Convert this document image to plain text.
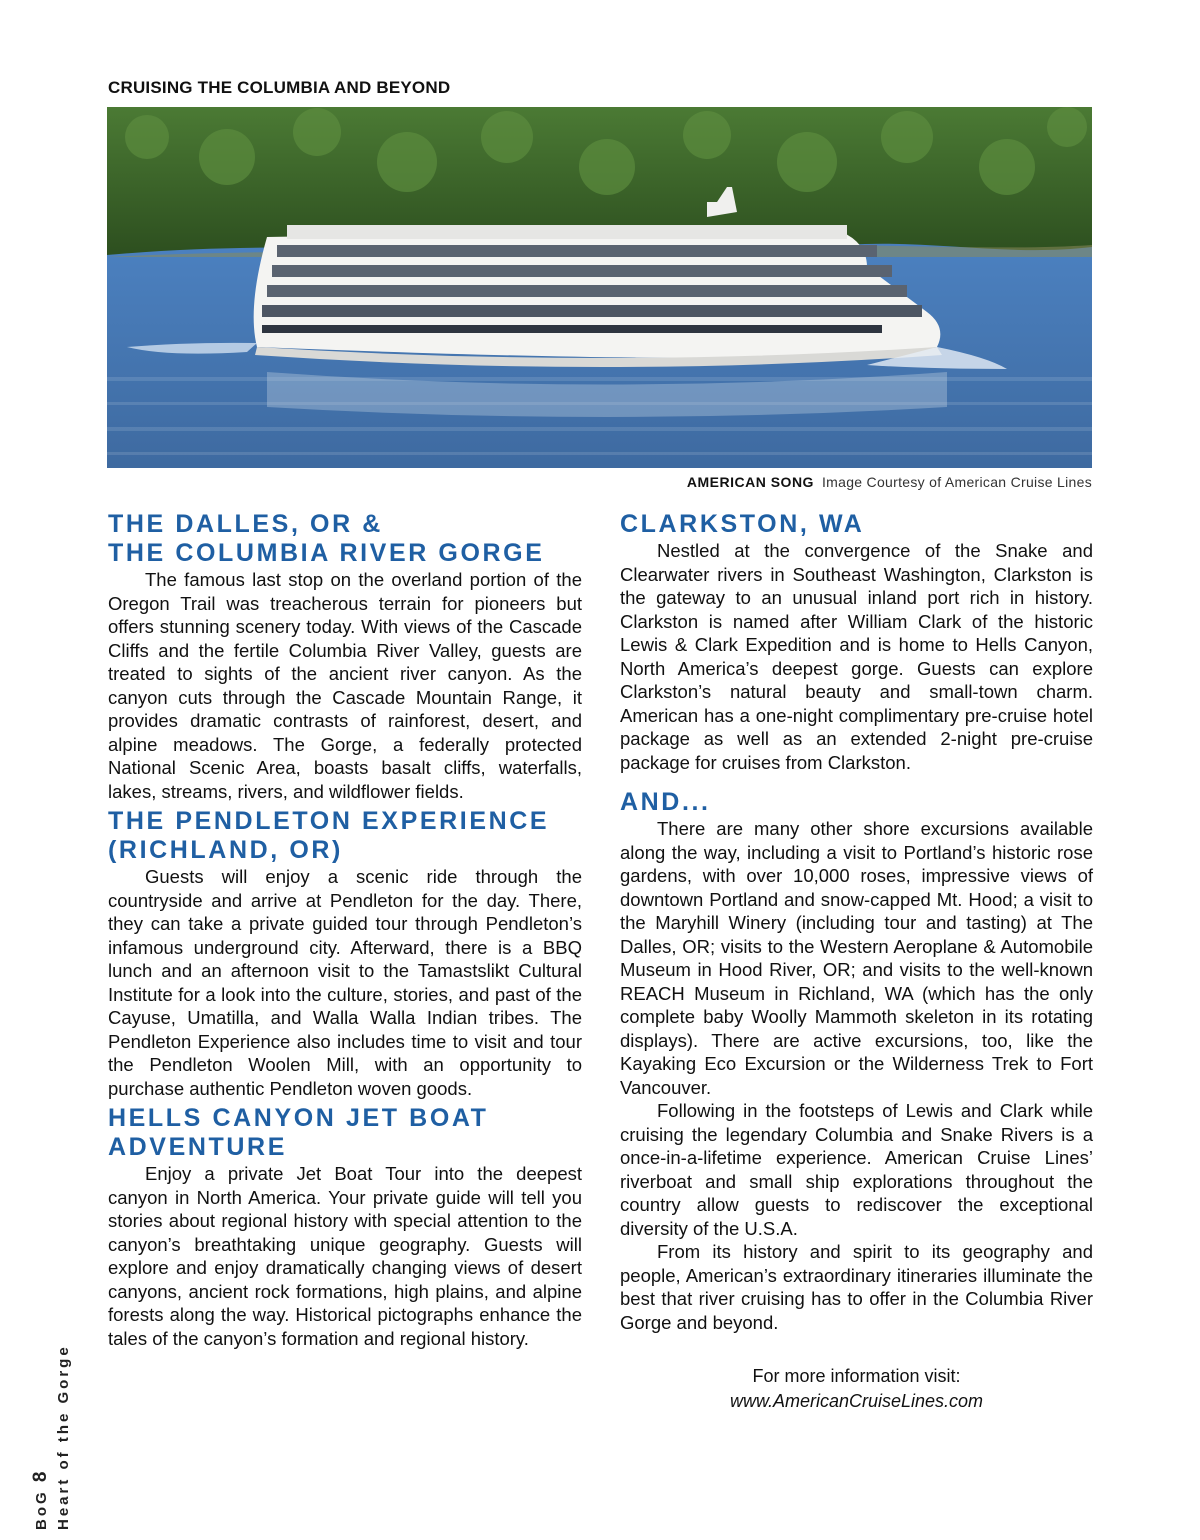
CRUISING THE COLUMBIA AND BEYOND
AMERICAN SONG Image Courtesy of American Cruise Lines
THE DALLES, OR &
THE COLUMBIA RIVER GORGE

The famous last stop on the overland portion of the Oregon Trail was treacherous terrain for pioneers but offers stunning scenery today. With views of the Cascade Cliffs and the fertile Columbia River Valley, guests are treated to sights of the ancient river canyon. As the canyon cuts through the Cascade Mountain Range, it provides dramatic contrasts of rainforest, desert, and alpine meadows. The Gorge, a federally protected National Scenic Area, boasts basalt cliffs, waterfalls, lakes, streams, rivers, and wildflower fields.

THE PENDLETON EXPERIENCE
(RICHLAND, OR)

Guests will enjoy a scenic ride through the countryside and arrive at Pendleton for the day. There, they can take a private guided tour through Pendleton’s infamous underground city. Afterward, there is a BBQ lunch and an afternoon visit to the Tamastslikt Cultural Institute for a look into the culture, stories, and past of the Cayuse, Umatilla, and Walla Walla Indian tribes. The Pendleton Experience also includes time to visit and tour the Pendleton Woolen Mill, with an opportunity to purchase authentic Pendleton woven goods.

HELLS CANYON JET BOAT
ADVENTURE

Enjoy a private Jet Boat Tour into the deepest canyon in North America. Your private guide will tell you stories about regional history with special attention to the canyon’s breathtaking unique geography. Guests will explore and enjoy dramatically changing views of desert canyons, ancient rock formations, high plains, and alpine forests along the way. Historical pictographs enhance the tales of the canyon’s formation and regional history.

CLARKSTON, WA

Nestled at the convergence of the Snake and Clearwater rivers in Southeast Washington, Clarkston is the gateway to an unusual inland port rich in history. Clarkston is named after William Clark of the historic Lewis & Clark Expedition and is home to Hells Canyon, North America’s deepest gorge. Guests can explore Clarkston’s natural beauty and small-town charm. American has a one-night complimentary pre-cruise hotel package as well as an extended 2-night pre-cruise package for cruises from Clarkston.

AND...

There are many other shore excursions available along the way, including a visit to Portland’s historic rose gardens, with over 10,000 roses, impressive views of downtown Portland and snow-capped Mt. Hood; a visit to the Maryhill Winery (including tour and tasting) at The Dalles, OR; visits to the Western Aeroplane & Automobile Museum in Hood River, OR; and visits to the well-known REACH Museum in Richland, WA (which has the only complete baby Woolly Mammoth skeleton in its rotating displays). There are active excursions, too, like the Kayaking Eco Excursion or the Wilderness Trek to Fort Vancouver.

Following in the footsteps of Lewis and Clark while cruising the legendary Columbia and Snake Rivers is a once-in-a-lifetime experience. American Cruise Lines’ riverboat and small ship explorations throughout the country allow guests to rediscover the exceptional diversity of the U.S.A.

From its history and spirit to its geography and people, American’s extraordinary itineraries illuminate the best that river cruising has to offer in the Columbia River Gorge and beyond.

For more information visit:
www.AmericanCruiseLines.com
BoG 8 Heart of the Gorge
